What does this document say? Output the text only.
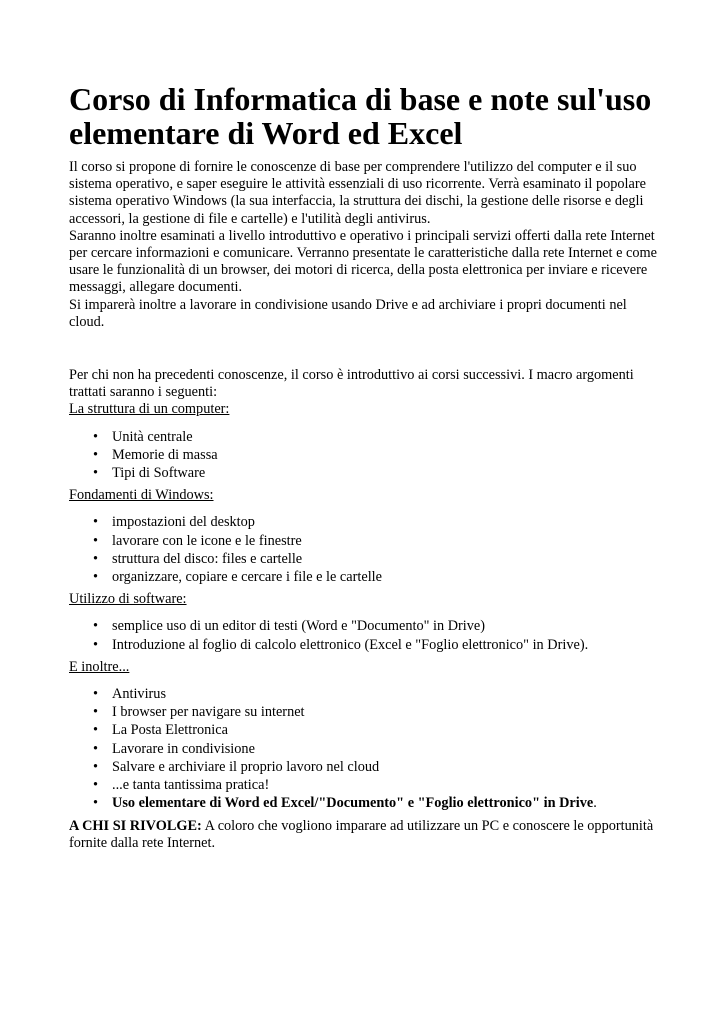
Corso di Informatica di base e note sul'uso
elementare di Word ed Excel

Il corso si propone di fornire le conoscenze di base per comprendere l'utilizzo del computer e il suo sistema operativo, e saper eseguire le attività essenziali di uso ricorrente. Verrà esaminato il popolare sistema operativo Windows (la sua interfaccia, la struttura dei dischi, la gestione delle risorse e degli accessori, la gestione di file e cartelle) e l'utilità degli antivirus.

Saranno inoltre esaminati a livello introduttivo e operativo i principali servizi offerti dalla rete Internet per cercare informazioni e comunicare. Verranno presentate le caratteristiche dalla rete Internet e come usare le funzionalità di un browser, dei motori di ricerca, della posta elettronica per inviare e ricevere messaggi, allegare documenti.

Si imparerà inoltre a lavorare in condivisione usando Drive e ad archiviare i propri documenti nel cloud.

Per chi non ha precedenti conoscenze, il corso è introduttivo ai corsi successivi. I macro argomenti trattati saranno i seguenti:

La struttura di un computer:

• Unità centrale
• Memorie di massa
• Tipi di Software

Fondamenti di Windows:

• impostazioni del desktop
• lavorare con le icone e le finestre
• struttura del disco: files e cartelle
• organizzare, copiare e cercare i file e le cartelle

Utilizzo di software:

• semplice uso di un editor di testi (Word e "Documento" in Drive)
• Introduzione al foglio di calcolo elettronico (Excel e "Foglio elettronico" in Drive).

E inoltre...

• Antivirus
• I browser per navigare su internet
• La Posta Elettronica
• Lavorare in condivisione
• Salvare e archiviare il proprio lavoro nel cloud
• ...e tanta tantissima pratica!
• Uso elementare di Word ed Excel/"Documento" e "Foglio elettronico" in Drive.

A CHI SI RIVOLGE: A coloro che vogliono imparare ad utilizzare un PC e conoscere le opportunità fornite dalla rete Internet.
